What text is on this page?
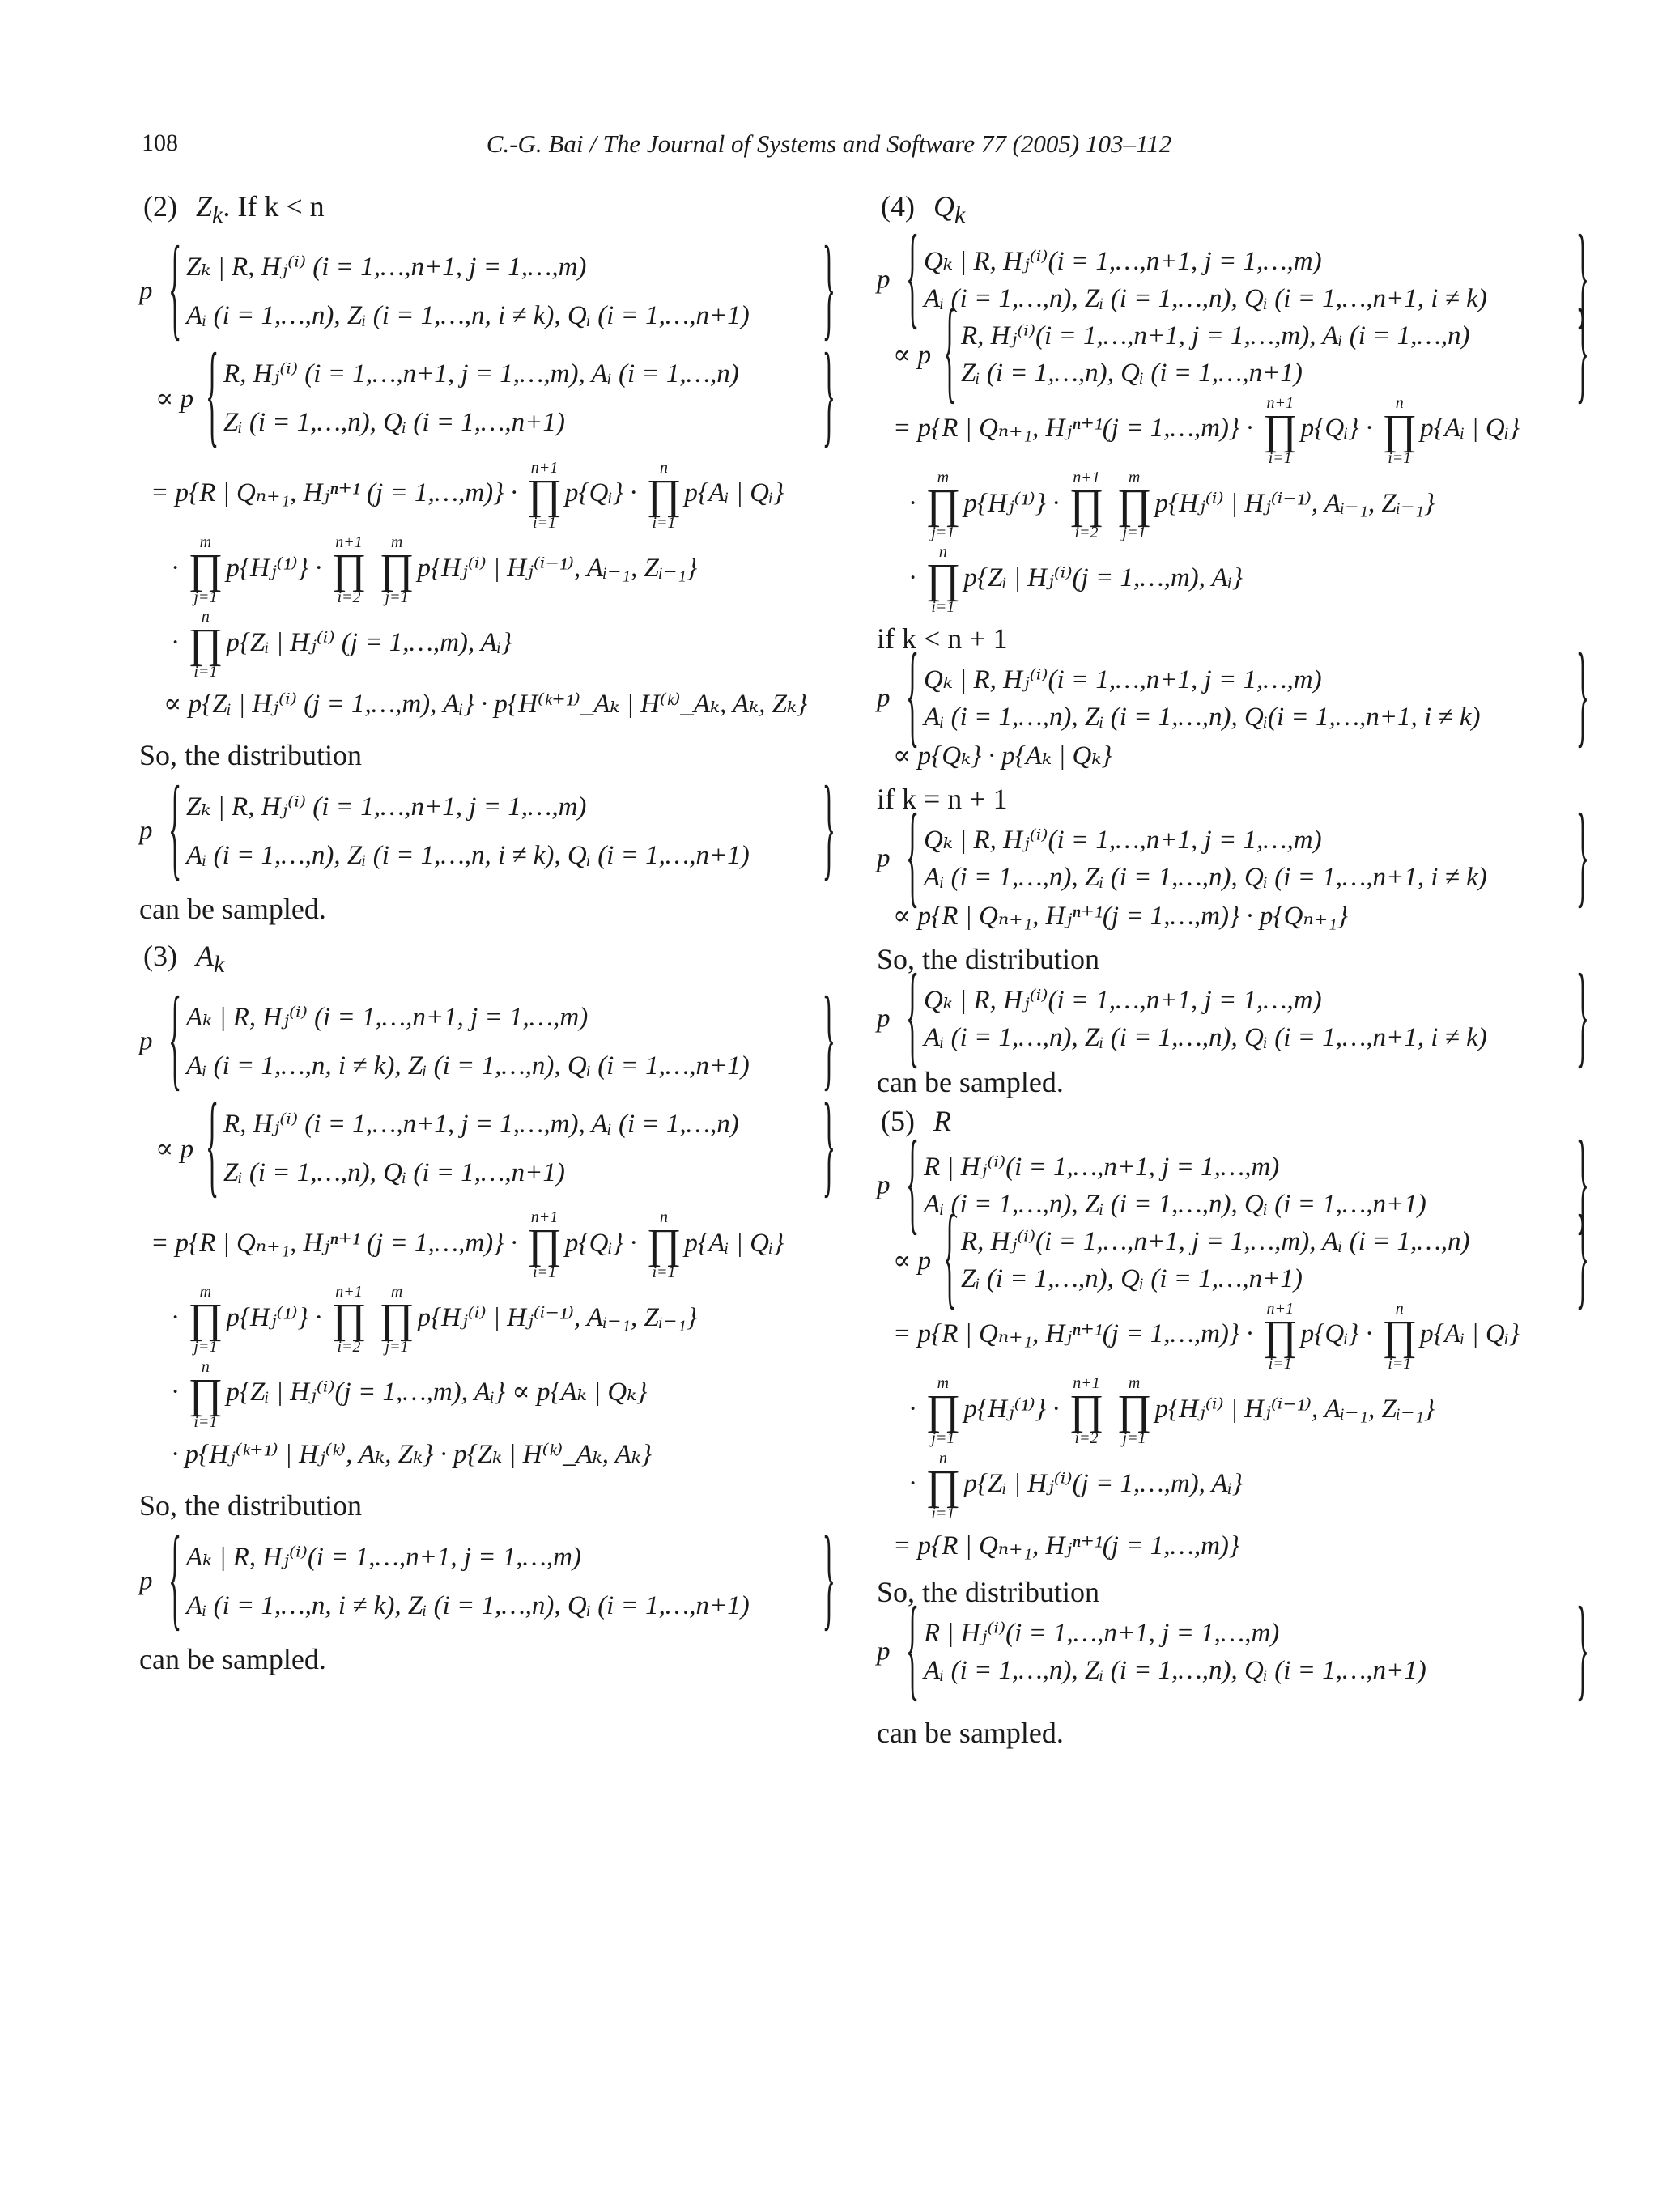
108	C.-G. Bai / The Journal of Systems and Software 77 (2005) 103–112
(2) $Z_k$. If k < n
p
{ Zₖ | R, Hⱼ⁽ⁱ⁾ (i = 1,…,n+1, j = 1,…,m)
Aᵢ (i = 1,…,n), Zᵢ (i = 1,…,n, i ≠ k), Qᵢ (i = 1,…,n+1)
}
∝ p
{ R, Hⱼ⁽ⁱ⁾ (i = 1,…,n+1, j = 1,…,m), Aᵢ (i = 1,…,n)
Zᵢ (i = 1,…,n), Qᵢ (i = 1,…,n+1)
}
= p{R | Qₙ₊₁, Hⱼⁿ⁺¹ (j = 1,…,m)} ·
n+1
∏
i=1
p{Qᵢ} ·
n
∏
i=1
p{Aᵢ | Qᵢ}
·
m
∏
j=1
p{Hⱼ⁽¹⁾} ·
n+1
∏
i=2

m
∏
j=1
p{Hⱼ⁽ⁱ⁾ | Hⱼ⁽ⁱ⁻¹⁾, Aᵢ₋₁, Zᵢ₋₁}
·
n
∏
i=1
p{Zᵢ | Hⱼ⁽ⁱ⁾ (j = 1,…,m), Aᵢ}
∝ p{Zᵢ | Hⱼ⁽ⁱ⁾ (j = 1,…,m), Aᵢ} · p{H⁽ᵏ⁺¹⁾_Aₖ | H⁽ᵏ⁾_Aₖ, Aₖ, Zₖ}
So, the distribution
p
{ Zₖ | R, Hⱼ⁽ⁱ⁾ (i = 1,…,n+1, j = 1,…,m)
Aᵢ (i = 1,…,n), Zᵢ (i = 1,…,n, i ≠ k), Qᵢ (i = 1,…,n+1)
}
can be sampled.
(3) $A_k$
p
{ Aₖ | R, Hⱼ⁽ⁱ⁾ (i = 1,…,n+1, j = 1,…,m)
Aᵢ (i = 1,…,n, i ≠ k), Zᵢ (i = 1,…,n), Qᵢ (i = 1,…,n+1)
}
∝ p
{ R, Hⱼ⁽ⁱ⁾ (i = 1,…,n+1, j = 1,…,m), Aᵢ (i = 1,…,n)
Zᵢ (i = 1,…,n), Qᵢ (i = 1,…,n+1)
}
= p{R | Qₙ₊₁, Hⱼⁿ⁺¹ (j = 1,…,m)} ·
n+1
∏
i=1
p{Qᵢ} ·
n
∏
i=1
p{Aᵢ | Qᵢ}
·
m
∏
j=1
p{Hⱼ⁽¹⁾} ·
n+1
∏
i=2

m
∏
j=1
p{Hⱼ⁽ⁱ⁾ | Hⱼ⁽ⁱ⁻¹⁾, Aᵢ₋₁, Zᵢ₋₁}
·
n
∏
i=1
p{Zᵢ | Hⱼ⁽ⁱ⁾(j = 1,…,m), Aᵢ} ∝ p{Aₖ | Qₖ}
· p{Hⱼ⁽ᵏ⁺¹⁾ | Hⱼ⁽ᵏ⁾, Aₖ, Zₖ} · p{Zₖ | H⁽ᵏ⁾_Aₖ, Aₖ}
So, the distribution
p
{ Aₖ | R, Hⱼ⁽ⁱ⁾(i = 1,…,n+1, j = 1,…,m)
Aᵢ (i = 1,…,n, i ≠ k), Zᵢ (i = 1,…,n), Qᵢ (i = 1,…,n+1)
}
can be sampled.
(4) $Q_k$
p
{ Qₖ | R, Hⱼ⁽ⁱ⁾(i = 1,…,n+1, j = 1,…,m)
Aᵢ (i = 1,…,n), Zᵢ (i = 1,…,n), Qᵢ (i = 1,…,n+1, i ≠ k)
}
∝ p
{ R, Hⱼ⁽ⁱ⁾(i = 1,…,n+1, j = 1,…,m), Aᵢ (i = 1,…,n)
Zᵢ (i = 1,…,n), Qᵢ (i = 1,…,n+1)
}
= p{R | Qₙ₊₁, Hⱼⁿ⁺¹(j = 1,…,m)} ·
n+1
∏
i=1
p{Qᵢ} ·
n
∏
i=1
p{Aᵢ | Qᵢ}
·
m
∏
j=1
p{Hⱼ⁽¹⁾} ·
n+1
∏
i=2

m
∏
j=1
p{Hⱼ⁽ⁱ⁾ | Hⱼ⁽ⁱ⁻¹⁾, Aᵢ₋₁, Zᵢ₋₁}
·
n
∏
i=1
p{Zᵢ | Hⱼ⁽ⁱ⁾(j = 1,…,m), Aᵢ}
if k < n + 1
p
{ Qₖ | R, Hⱼ⁽ⁱ⁾(i = 1,…,n+1, j = 1,…,m)
Aᵢ (i = 1,…,n), Zᵢ (i = 1,…,n), Qᵢ(i = 1,…,n+1, i ≠ k)
}
∝ p{Qₖ} · p{Aₖ | Qₖ}
if k = n + 1
p
{ Qₖ | R, Hⱼ⁽ⁱ⁾(i = 1,…,n+1, j = 1,…,m)
Aᵢ (i = 1,…,n), Zᵢ (i = 1,…,n), Qᵢ (i = 1,…,n+1, i ≠ k)
}
∝ p{R | Qₙ₊₁, Hⱼⁿ⁺¹(j = 1,…,m)} · p{Qₙ₊₁}
So, the distribution
p
{ Qₖ | R, Hⱼ⁽ⁱ⁾(i = 1,…,n+1, j = 1,…,m)
Aᵢ (i = 1,…,n), Zᵢ (i = 1,…,n), Qᵢ (i = 1,…,n+1, i ≠ k)
}
can be sampled.
(5) R
p
{ R | Hⱼ⁽ⁱ⁾(i = 1,…,n+1, j = 1,…,m)
Aᵢ (i = 1,…,n), Zᵢ (i = 1,…,n), Qᵢ (i = 1,…,n+1)
}
∝ p
{ R, Hⱼ⁽ⁱ⁾(i = 1,…,n+1, j = 1,…,m), Aᵢ (i = 1,…,n)
Zᵢ (i = 1,…,n), Qᵢ (i = 1,…,n+1)
}
= p{R | Qₙ₊₁, Hⱼⁿ⁺¹(j = 1,…,m)} ·
n+1
∏
i=1
p{Qᵢ} ·
n
∏
i=1
p{Aᵢ | Qᵢ}
·
m
∏
j=1
p{Hⱼ⁽¹⁾} ·
n+1
∏
i=2

m
∏
j=1
p{Hⱼ⁽ⁱ⁾ | Hⱼ⁽ⁱ⁻¹⁾, Aᵢ₋₁, Zᵢ₋₁}
·
n
∏
i=1
p{Zᵢ | Hⱼ⁽ⁱ⁾(j = 1,…,m), Aᵢ}
= p{R | Qₙ₊₁, Hⱼⁿ⁺¹(j = 1,…,m)}
So, the distribution
p
{ R | Hⱼ⁽ⁱ⁾(i = 1,…,n+1, j = 1,…,m)
Aᵢ (i = 1,…,n), Zᵢ (i = 1,…,n), Qᵢ (i = 1,…,n+1)
}
can be sampled.
